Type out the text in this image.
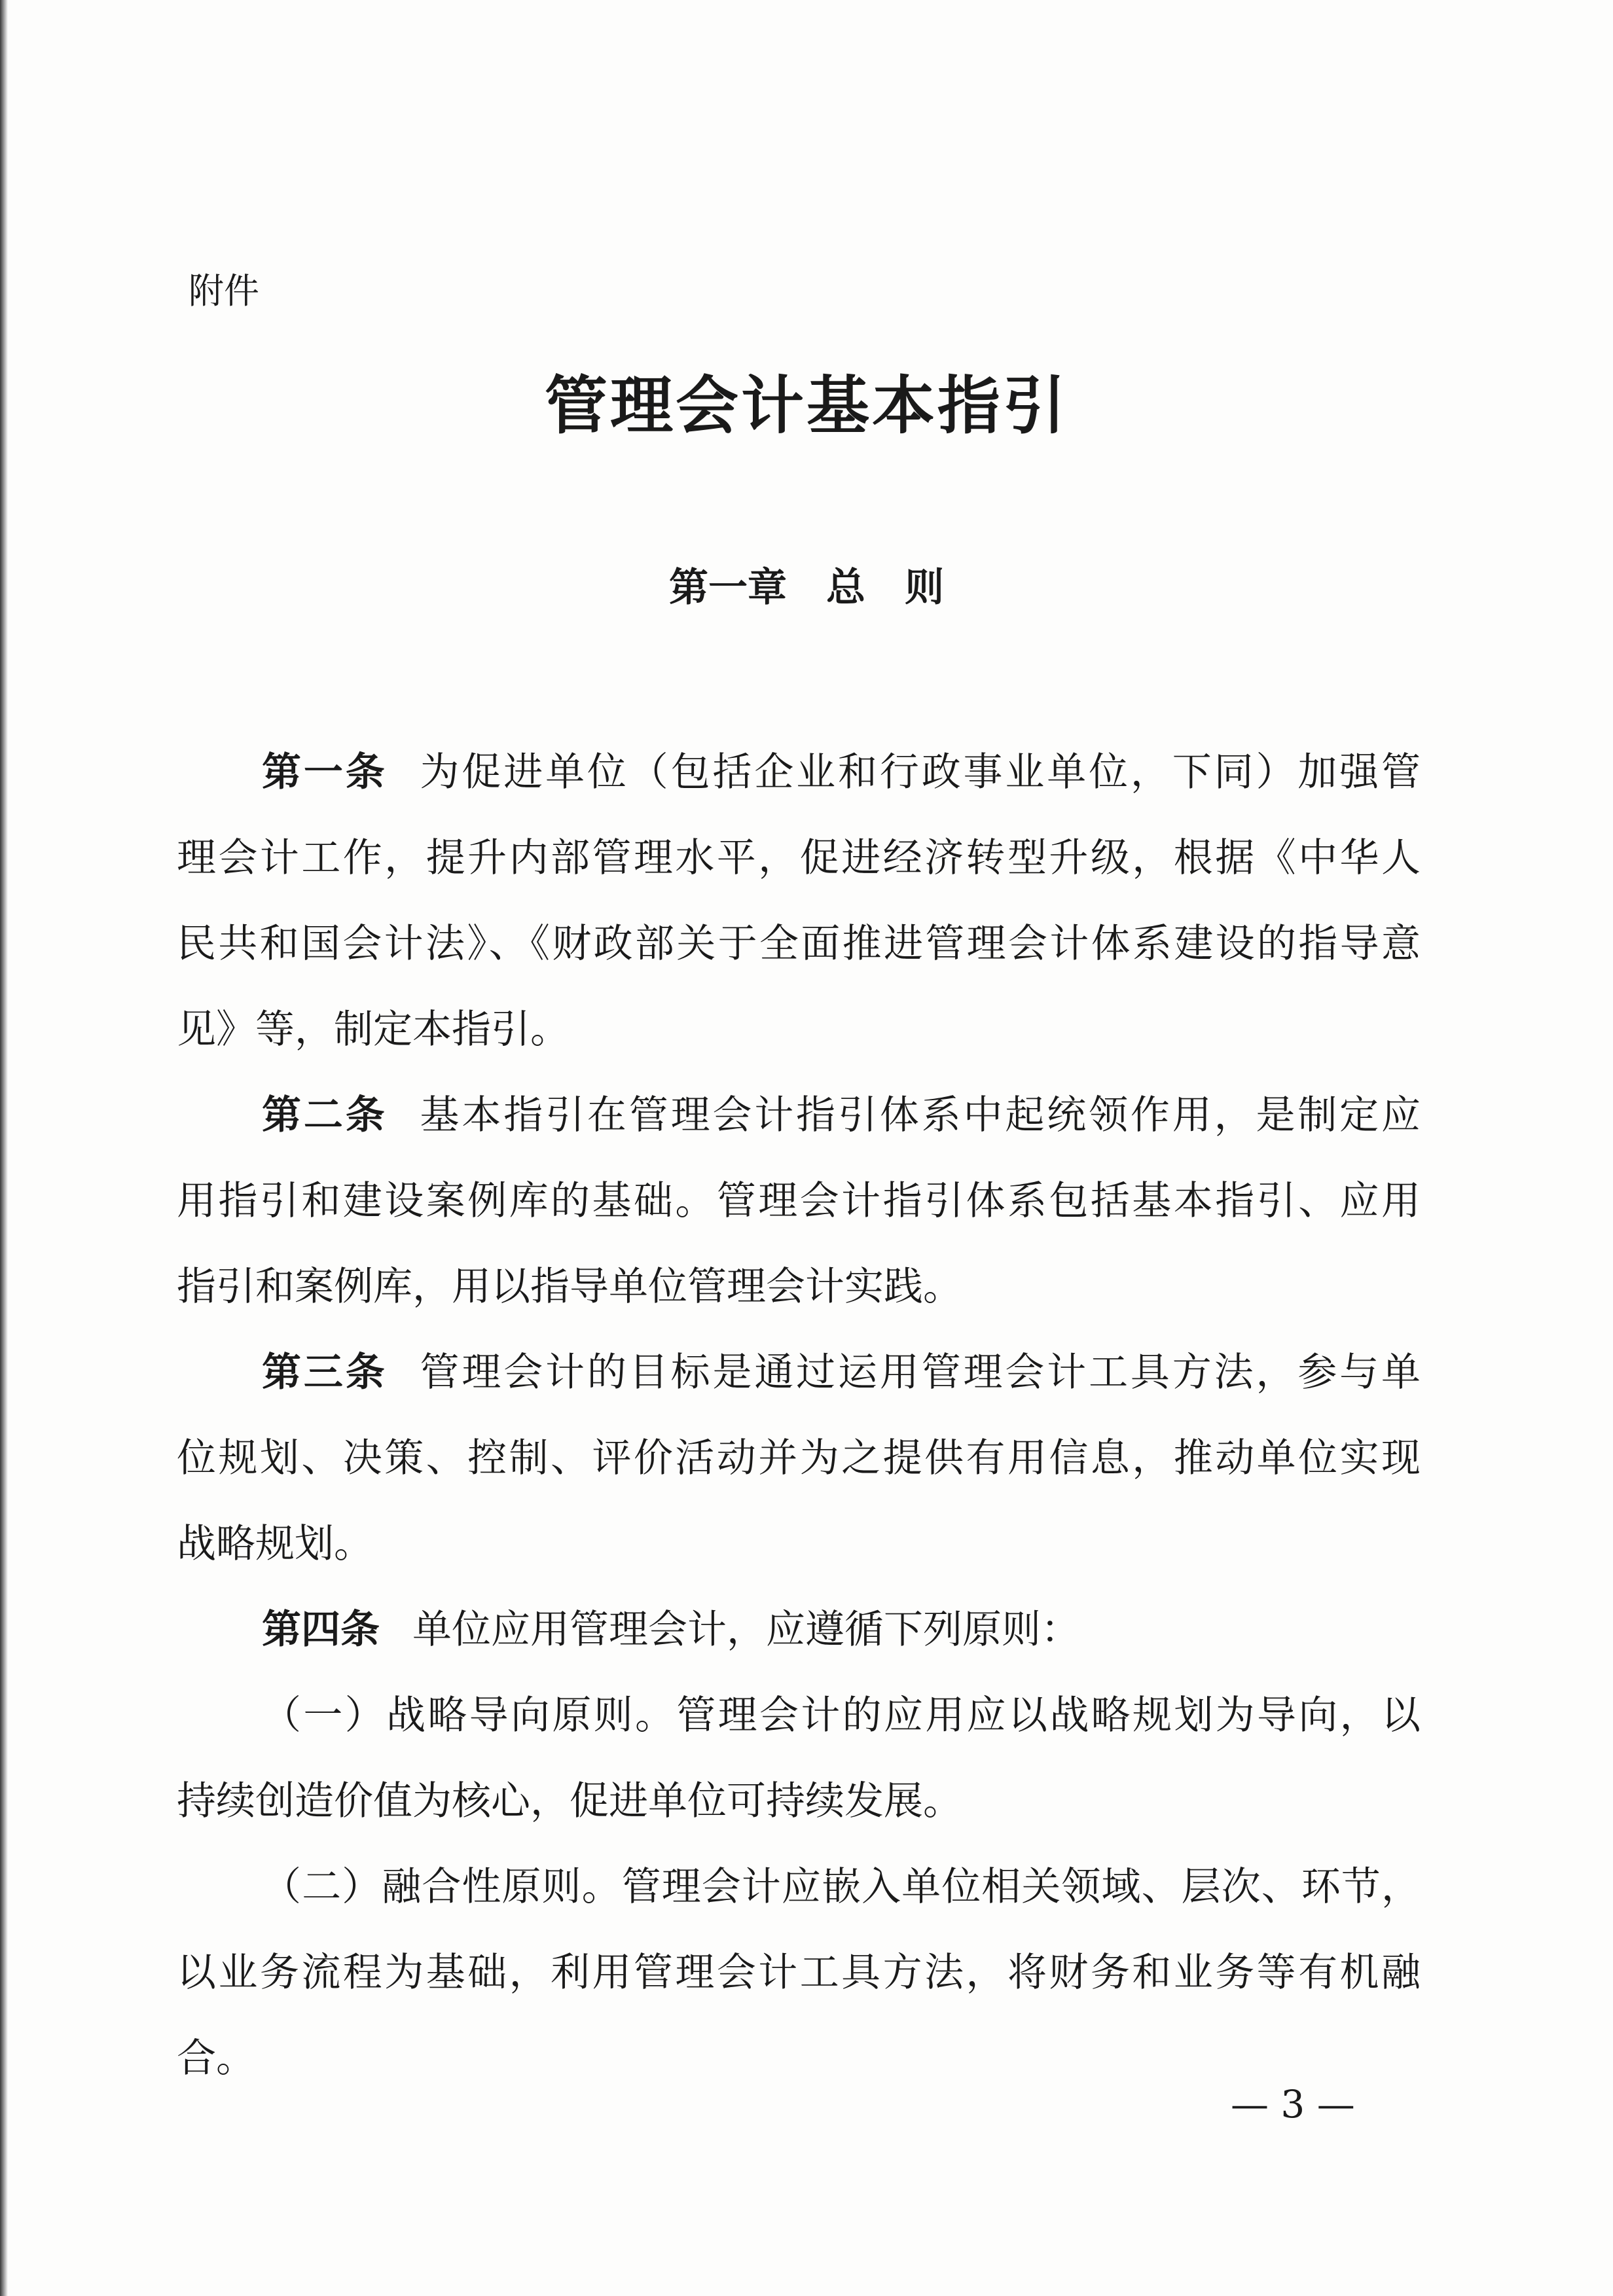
附件
管理会计基本指引
第一章 总 则
第一条 为促进单位（包括企业和行政事业单位，下同）加强管
理会计工作，提升内部管理水平，促进经济转型升级，根据《中华人
民共和国会计法》、《财政部关于全面推进管理会计体系建设的指导意
见》等，制定本指引。
第二条 基本指引在管理会计指引体系中起统领作用，是制定应
用指引和建设案例库的基础。管理会计指引体系包括基本指引、应用
指引和案例库，用以指导单位管理会计实践。
第三条 管理会计的目标是通过运用管理会计工具方法，参与单
位规划、决策、控制、评价活动并为之提供有用信息，推动单位实现
战略规划。
第四条 单位应用管理会计，应遵循下列原则：
（一）战略导向原则。管理会计的应用应以战略规划为导向，以
持续创造价值为核心，促进单位可持续发展。
（二）融合性原则。管理会计应嵌入单位相关领域、层次、环节，
以业务流程为基础，利用管理会计工具方法，将财务和业务等有机融
合。
— 3 —
